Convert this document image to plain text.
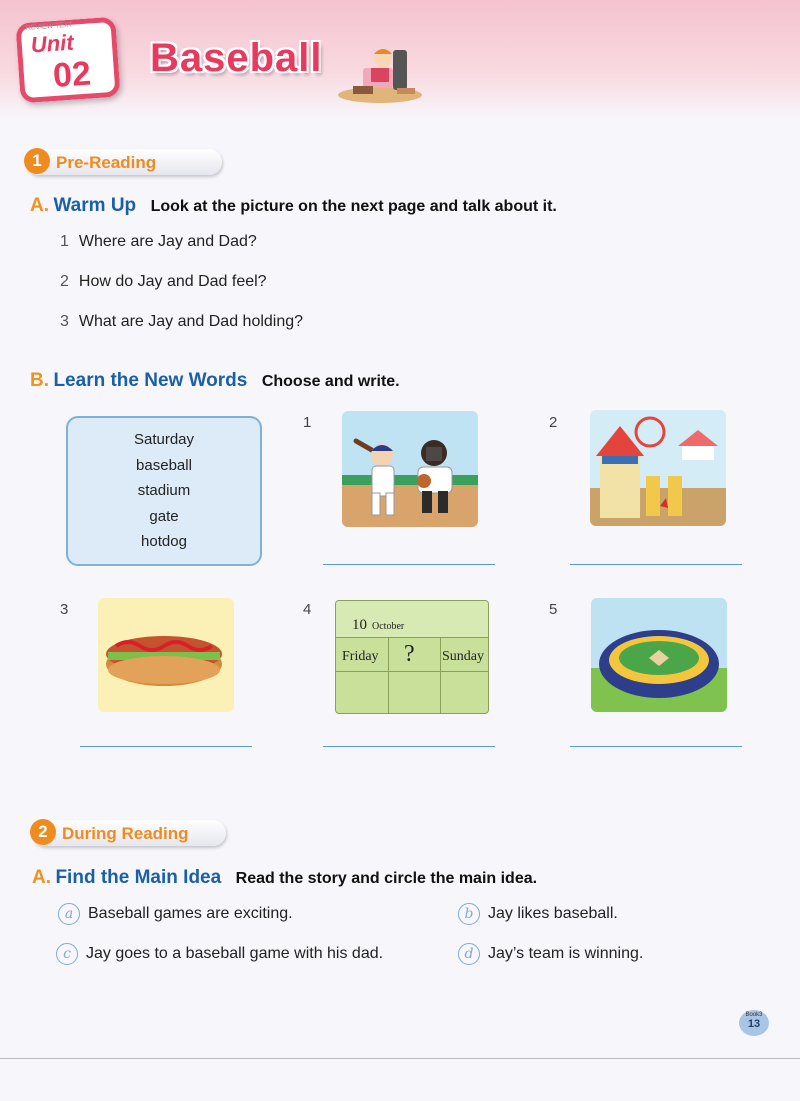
REVIEW TEXT
Unit
02 Baseball
1 Pre-Reading
A. Warm Up Look at the picture on the next page and talk about it.
1 Where are Jay and Dad?
2 How do Jay and Dad feel?
3 What are Jay and Dad holding?
B. Learn the New Words Choose and write.
Saturday
baseball
stadium
gate
hotdog
1	2
3	4
10 October
Friday ? Sunday
5
2 During Reading
A. Find the Main Idea Read the story and circle the main idea.
a Baseball games are exciting.	b Jay likes baseball.
c Jay goes to a baseball game with his dad.	d Jay’s team is winning.
Book3
13
